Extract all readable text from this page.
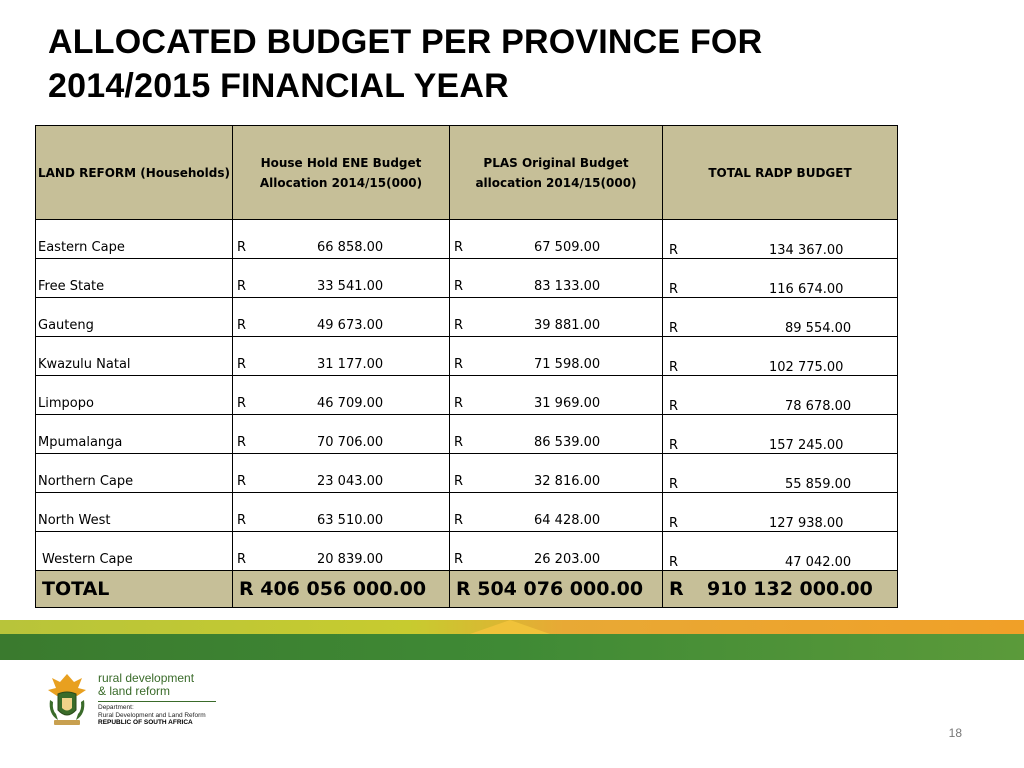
ALLOCATED BUDGET PER PROVINCE FOR
2014/2015 FINANCIAL YEAR
LAND REFORM (Households)	House Hold ENE Budget Allocation 2014/15(000)	PLAS Original Budget allocation 2014/15(000)	TOTAL RADP BUDGET
Eastern Cape	R 66 858.00	R 67 509.00	R 134 367.00

Free State	R 33 541.00	R 83 133.00	R 116 674.00

Gauteng	R 49 673.00	R 39 881.00	R 89 554.00

Kwazulu Natal	R 31 177.00	R 71 598.00	R 102 775.00

Limpopo	R 46 709.00	R 31 969.00	R 78 678.00

Mpumalanga	R 70 706.00	R 86 539.00	R 157 245.00

Northern Cape	R 23 043.00	R 32 816.00	R 55 859.00

North West	R 63 510.00	R 64 428.00	R 127 938.00

Western Cape	R 20 839.00	R 26 203.00	R 47 042.00

TOTAL	R 406 056 000.00	R 504 076 000.00	R 910 132 000.00
rural development
& land reform
Department:
Rural Development and Land Reform
REPUBLIC OF SOUTH AFRICA
18
